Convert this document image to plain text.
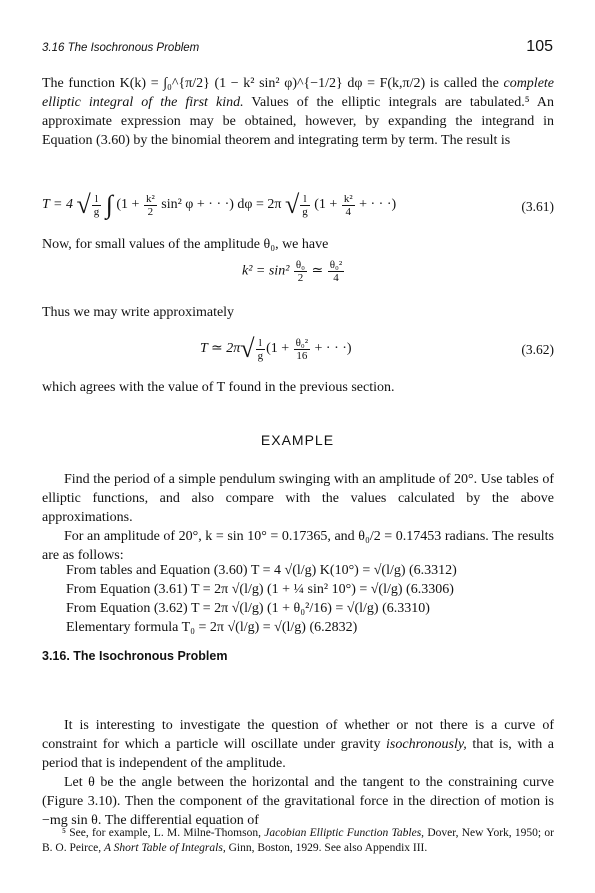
3.16 The Isochronous Problem	105

The function K(k) = ∫₀^{π/2} (1 − k² sin² φ)^{−1/2} dφ = F(k,π/2) is called the complete elliptic integral of the first kind. Values of the elliptic integrals are tabulated.⁵ An approximate expression may be obtained, however, by expanding the integrand in Equation (3.60) by the binomial theorem and integrating term by term. The result is

T = 4 √ $\frac{l}{g}$ ∫ ($1 + \frac{\text{k²}}{2} \sin^2$ φ + · · ·) dφ = 2π √ $\frac{l}{g} (1 + \frac{\text{k²}}{4}$ + · · ·)	(3.61)

Now, for small values of the amplitude θ₀, we have

$k^2 = \sin^2 \frac{\text{θ₀}}{2}$ ≃ $\frac{\text{θ₀²}}{4}$

Thus we may write approximately

T ≃ $2\pi√ \frac{l}{g} (1 + \frac{\text{θ₀²}}{16}$ + · · ·)	(3.62)

which agrees with the value of T found in the previous section.

EXAMPLE

Find the period of a simple pendulum swinging with an amplitude of 20°. Use tables of elliptic functions, and also compare with the values calculated by the above approximations.

For an amplitude of 20°, k = sin 10° = 0.17365, and θ₀/2 = 0.17453 radians. The results are as follows:

From tables and Equation (3.60) T = 4 √(l/g) K(10°) = √(l/g) (6.3312)
From Equation (3.61) T = 2π √(l/g) (1 + ¼ sin² 10°) = √(l/g) (6.3306)
From Equation (3.62) T = 2π √(l/g) (1 + θ₀²/16) = √(l/g) (6.3310)
Elementary formula T₀ = 2π √(l/g) = √(l/g) (6.2832)
3.16. The Isochronous Problem

It is interesting to investigate the question of whether or not there is a curve of constraint for which a particle will oscillate under gravity isochronously, that is, with a period that is independent of the amplitude.

Let θ be the angle between the horizontal and the tangent to the constraining curve (Figure 3.10). Then the component of the gravitational force in the direction of motion is −mg sin θ. The differential equation of

⁵ See, for example, L. M. Milne-Thomson, Jacobian Elliptic Function Tables, Dover, New York, 1950; or B. O. Peirce, A Short Table of Integrals, Ginn, Boston, 1929. See also Appendix III.
